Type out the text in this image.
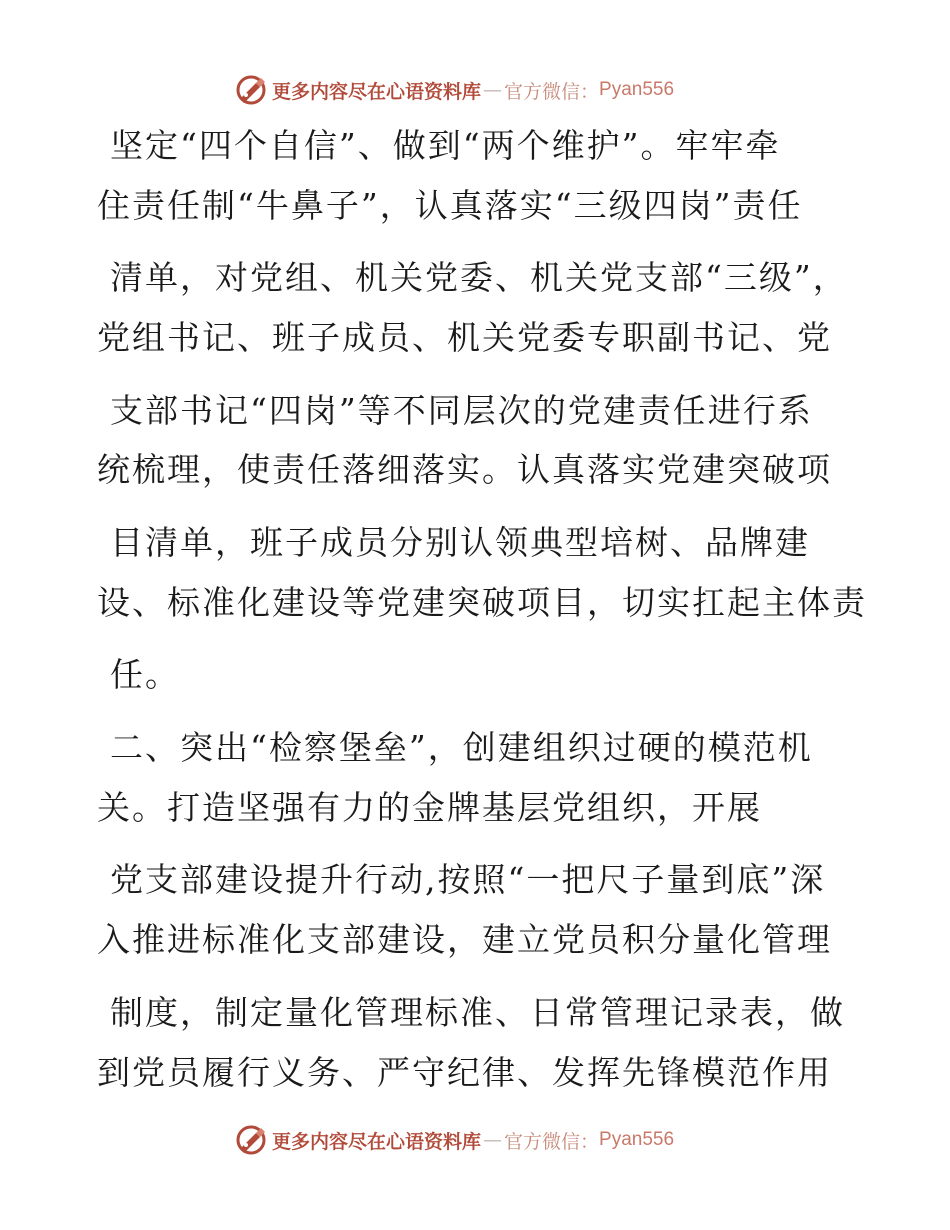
更多内容尽在心语资料库 — 官方微信： Pyan556
坚定“四个自信”、做到“两个维护”。牢牢牵
住责任制“牛鼻子”，认真落实“三级四岗”责任
清单，对党组、机关党委、机关党支部“三级”，
党组书记、班子成员、机关党委专职副书记、党
支部书记“四岗”等不同层次的党建责任进行系
统梳理，使责任落细落实。认真落实党建突破项
目清单，班子成员分别认领典型培树、品牌建
设、标准化建设等党建突破项目，切实扛起主体责
任。
二、突出“检察堡垒”，创建组织过硬的模范机
关。打造坚强有力的金牌基层党组织，开展
党支部建设提升行动,按照“一把尺子量到底”深
入推进标准化支部建设，建立党员积分量化管理
制度，制定量化管理标准、日常管理记录表，做
到党员履行义务、严守纪律、发挥先锋模范作用
更多内容尽在心语资料库 — 官方微信： Pyan556
